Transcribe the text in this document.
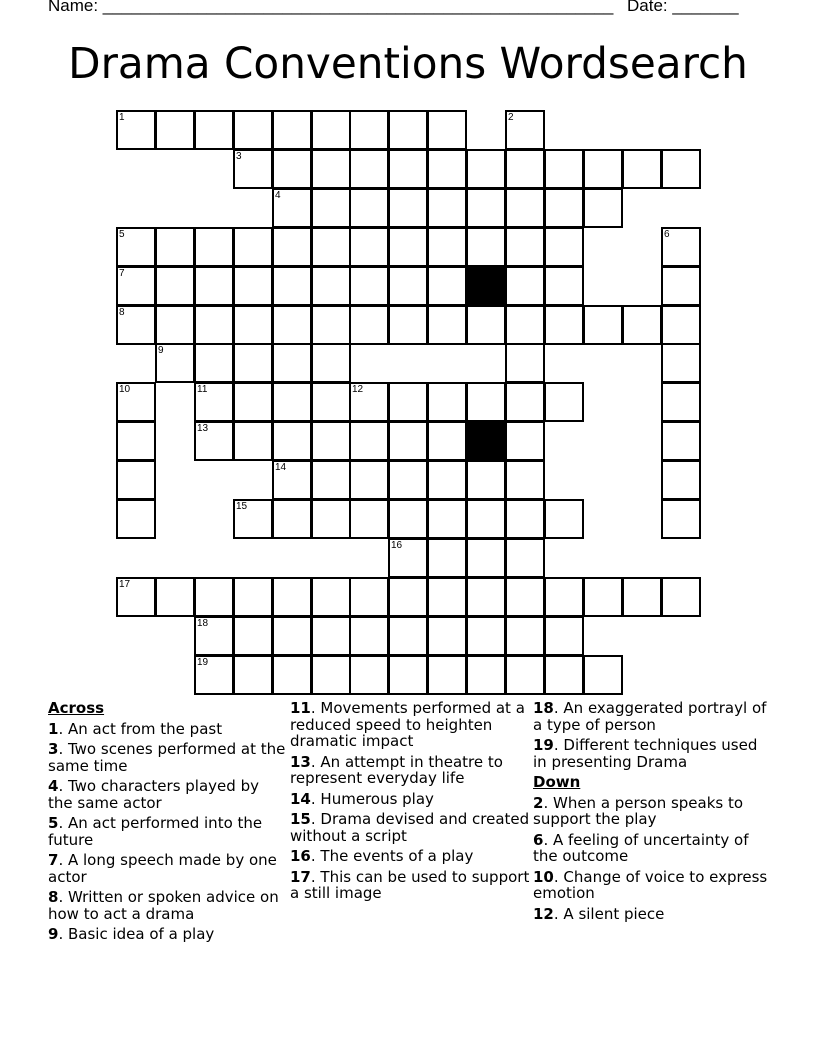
Name: ______________________________________________________ Date: _______
Drama Conventions Wordsearch
1	2
3
4
5	6
7
8
9
10	11	12
13
14
15
16
17
18
19
Across
1. An act from the past
3. Two scenes performed at the same time
4. Two characters played by the same actor
5. An act performed into the future
7. A long speech made by one actor
8. Written or spoken advice on how to act a drama
9. Basic idea of a play
11. Movements performed at a reduced speed to heighten dramatic impact
13. An attempt in theatre to represent everyday life
14. Humerous play
15. Drama devised and created without a script
16. The events of a play
17. This can be used to support a still image
18. An exaggerated portrayl of a type of person
19. Different techniques used in presenting Drama
Down
2. When a person speaks to support the play
6. A feeling of uncertainty of the outcome
10. Change of voice to express emotion
12. A silent piece
